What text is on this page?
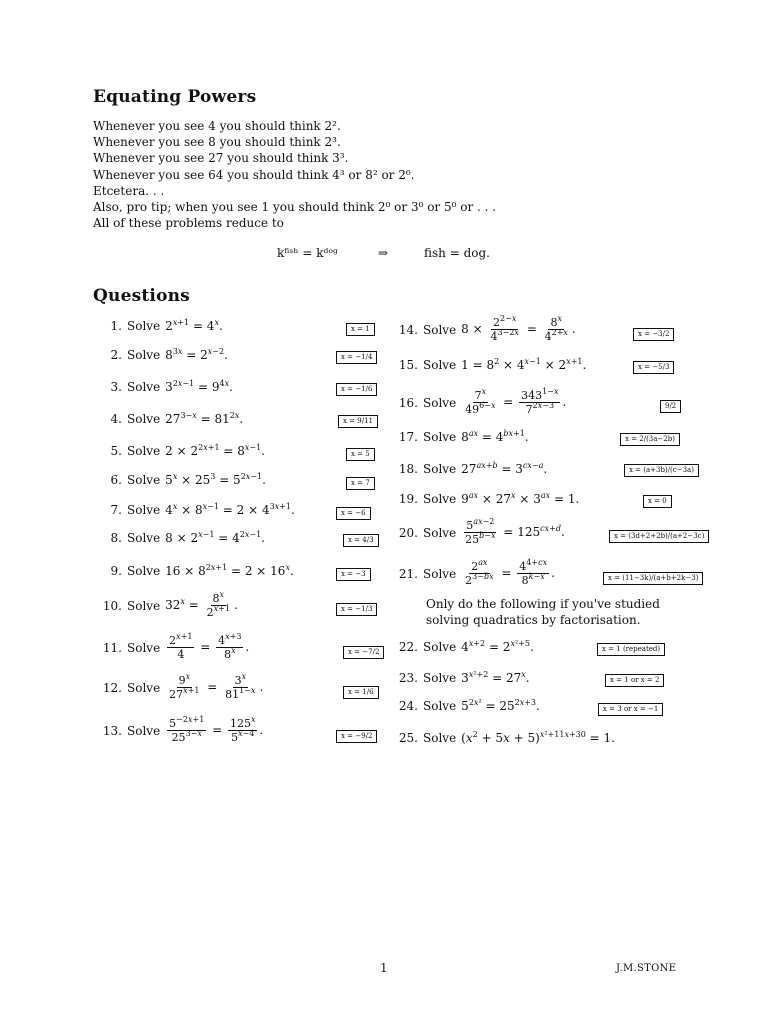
Equating Powers
Whenever you see 4 you should think 2².
Whenever you see 8 you should think 2³.
Whenever you see 27 you should think 3³.
Whenever you see 64 you should think 4³ or 8² or 2⁶.
Etcetera. . .
Also, pro tip; when you see 1 you should think 2⁰ or 3⁰ or 5⁰ or . . .
All of these problems reduce to
kᶠⁱˢʰ = kᵈᵒᵍ	⇒	fish = dog.
Questions
1. Solve $2^{x+1} = 4^x$.	x = 1
2. Solve $8^{3x} = 2^{x-2}$.	x = −1/4
3. Solve $3^{2x-1} = 9^{4x}$.	x = −1/6
4. Solve $27^{3-x} = 81^{2x}$.	x = 9/11
5. Solve $2 \times 2^{2x+1} = 8^{x-1}$.	x = 5
6. Solve $5^x \times 25^3 = 5^{2x-1}$.	x = 7
7. Solve $4^x \times 8^{x-1} = 2 \times 4^{3x+1}$.	x = −6
8. Solve $8 \times 2^{x-1} = 4^{2x-1}$.	x = 4/3
9. Solve $16 \times 8^{2x+1} = 2 \times 16^x$.	x = −3
10. Solve $32^x = \frac{8^x}{2^{x+1}}$ .	x = −1/3
11. Solve $\frac{2^{x+1}}{4} = \frac{4^{x+3}}{8^x}$ .	x = −7/2
12. Solve $\frac{9^x}{27^{x+1}} = \frac{3^x}{81^{1-x}}$ .	x = 1/6
13. Solve $\frac{5^{-2x+1}}{25^{3-x}} = \frac{125^x}{5^{x-4}}$ .	x = −9/2
14. Solve $8 \times \frac{2^{2-x}}{4^{3-2x}} = \frac{8^x}{4^{2+x}}$ .	x = −3/2
15. Solve $1 = 8^2 \times 4^{x-1} \times 2^{x+1}$.	x = −5/3
16. Solve $\frac{7^x}{49^{6-x}} = \frac{343^{1-x}}{7^{2x-3}}$ .	9/2
17. Solve $8^{ax} = 4^{bx+1}$.	x = 2/(3a−2b)
18. Solve $27^{ax+b} = 3^{cx-a}$.	x = (a+3b)/(c−3a)
19. Solve $9^{ax} \times 27^x \times 3^{ax} = 1$.	x = 0
20. Solve $\frac{5^{ax-2}}{25^{b-x}} = 125^{cx+d}$.	x = (3d+2+2b)/(a+2−3c)
21. Solve $\frac{2^{ax}}{2^{3-bx}} = \frac{4^{4+cx}}{8^{k-x}}$ .	x = (11−3k)/(a+b+2k−3)
Only do the following if you've studied
solving quadratics by factorisation.
22. Solve $4^{x+2} = 2^{x^2+5}$.	x = 1 (repeated)
23. Solve $3^{x^2+2} = 27^x$.	x = 1 or x = 2
24. Solve $5^{2x^2} = 25^{2x+3}$.	x = 3 or x = −1
25. Solve $(x^2 + 5x + 5)^{x^2+11x+30} = 1$.
1	J.M.STONE
